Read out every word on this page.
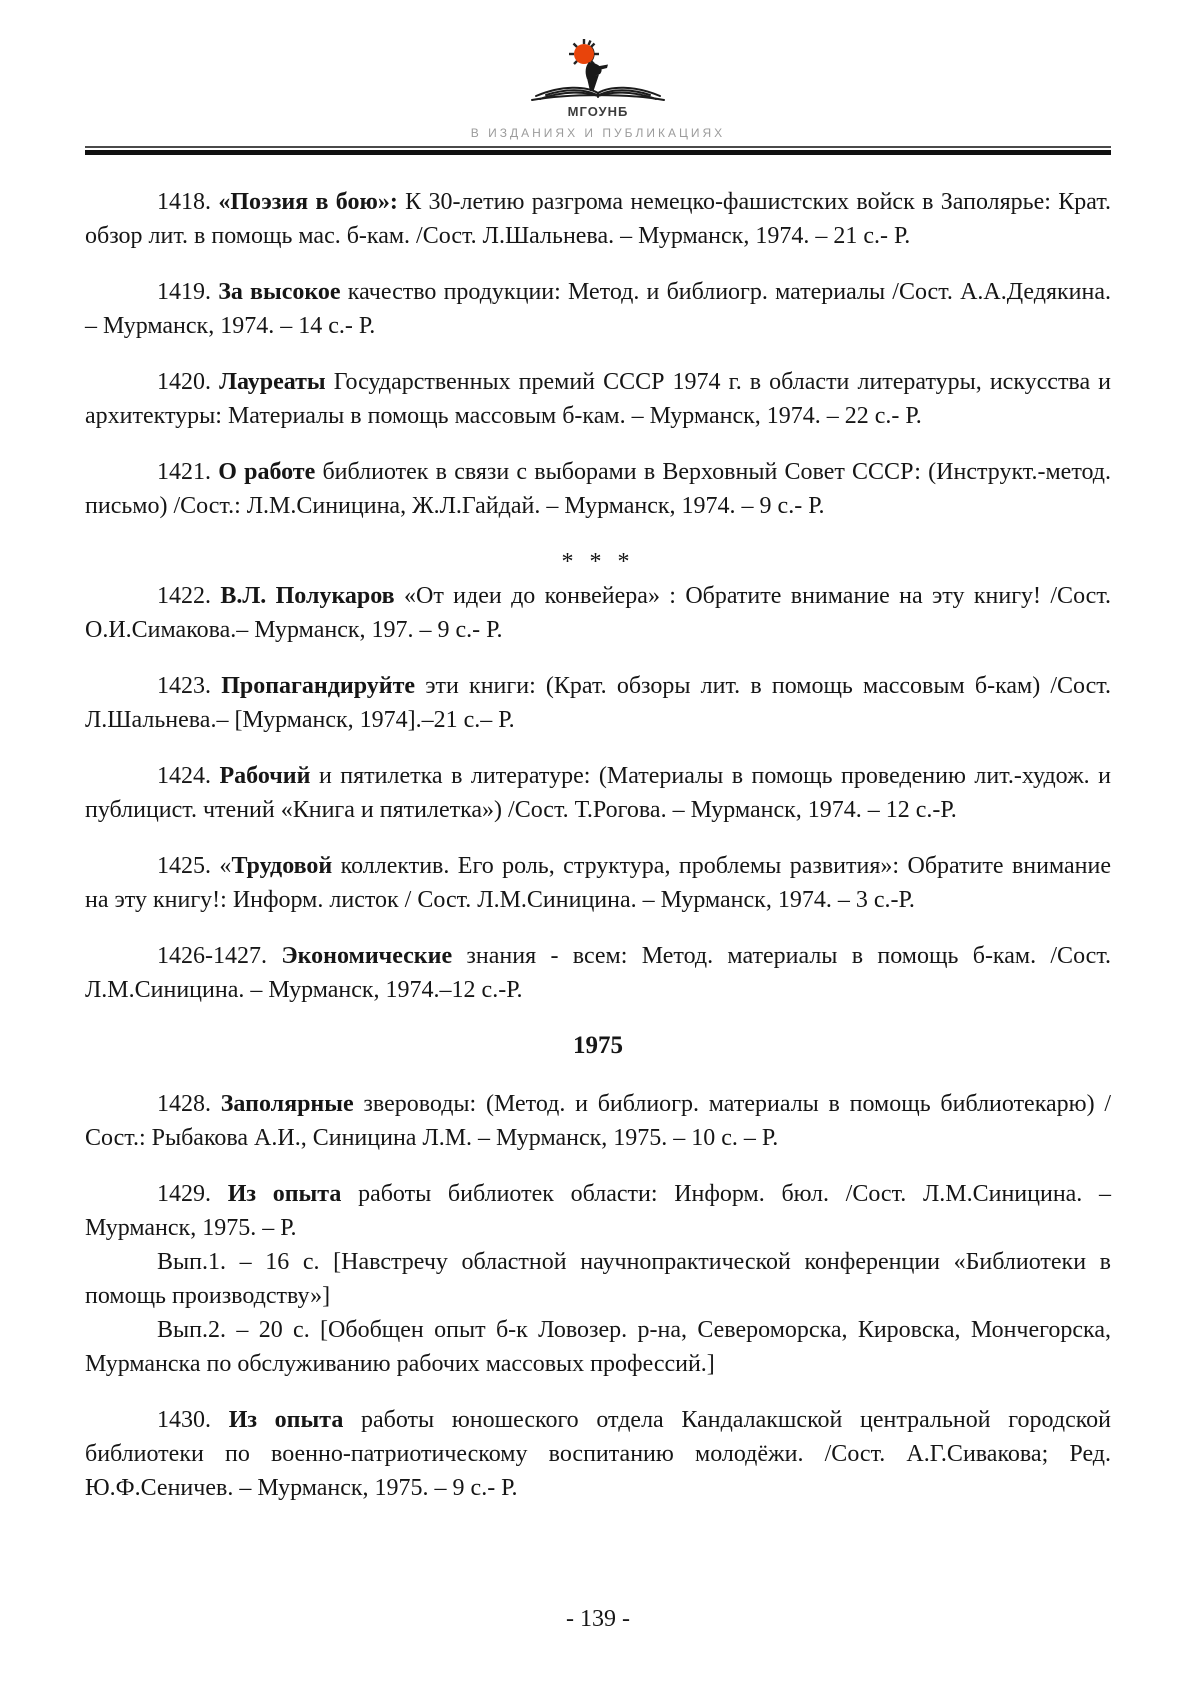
МГОУНБ
В ИЗДАНИЯХ И ПУБЛИКАЦИЯХ

1418. «Поэзия в бою»: К 30-летию разгрома немецко-фашистских войск в Заполярье: Крат. обзор лит. в помощь мас. б-кам. /Сост. Л.Шальнева. – Мурманск, 1974. – 21 с.- Р.

1419. За высокое качество продукции: Метод. и библиогр. материалы /Сост. А.А.Дедякина. – Мурманск, 1974. – 14 с.- Р.

1420. Лауреаты Государственных премий СССР 1974 г. в области литературы, искусства и архитектуры: Материалы в помощь массовым б-кам. – Мурманск, 1974. – 22 с.- Р.

1421. О работе библиотек в связи с выборами в Верховный Совет СССР: (Инструкт.-метод. письмо) /Сост.: Л.М.Синицина, Ж.Л.Гайдай. – Мурманск, 1974. – 9 с.- Р.

* * *

1422. В.Л. Полукаров «От идеи до конвейера» : Обратите внимание на эту книгу! /Сост. О.И.Симакова.– Мурманск, 197. – 9 с.- Р.

1423. Пропагандируйте эти книги: (Крат. обзоры лит. в помощь массовым б-кам) /Сост. Л.Шальнева.– [Мурманск, 1974].–21 с.– Р.

1424. Рабочий и пятилетка в литературе: (Материалы в помощь проведению лит.-худож. и публицист. чтений «Книга и пятилетка») /Сост. Т.Рогова. – Мурманск, 1974. – 12 с.-Р.

1425. «Трудовой коллектив. Его роль, структура, проблемы развития»: Обратите внимание на эту книгу!: Информ. листок / Сост. Л.М.Синицина. – Мурманск, 1974. – 3 с.-Р.

1426-1427. Экономические знания - всем: Метод. материалы в помощь б-кам. /Сост. Л.М.Синицина. – Мурманск, 1974.–12 с.-Р.

1975

1428. Заполярные звероводы: (Метод. и библиогр. материалы в помощь библиотекарю) /Сост.: Рыбакова А.И., Синицина Л.М. – Мурманск, 1975. – 10 с. – Р.

1429. Из опыта работы библиотек области: Информ. бюл. /Сост. Л.М.Синицина. – Мурманск, 1975. – Р.

Вып.1. – 16 с. [Навстречу областной научнопрактической конференции «Библиотеки в помощь производству»]

Вып.2. – 20 с. [Обобщен опыт б-к Ловозер. р-на, Североморска, Кировска, Мончегорска, Мурманска по обслуживанию рабочих массовых профессий.]

1430. Из опыта работы юношеского отдела Кандалакшской центральной городской библиотеки по военно-патриотическому воспитанию молодёжи. /Сост. А.Г.Сивакова; Ред. Ю.Ф.Сеничев. – Мурманск, 1975. – 9 с.- Р.

- 139 -
